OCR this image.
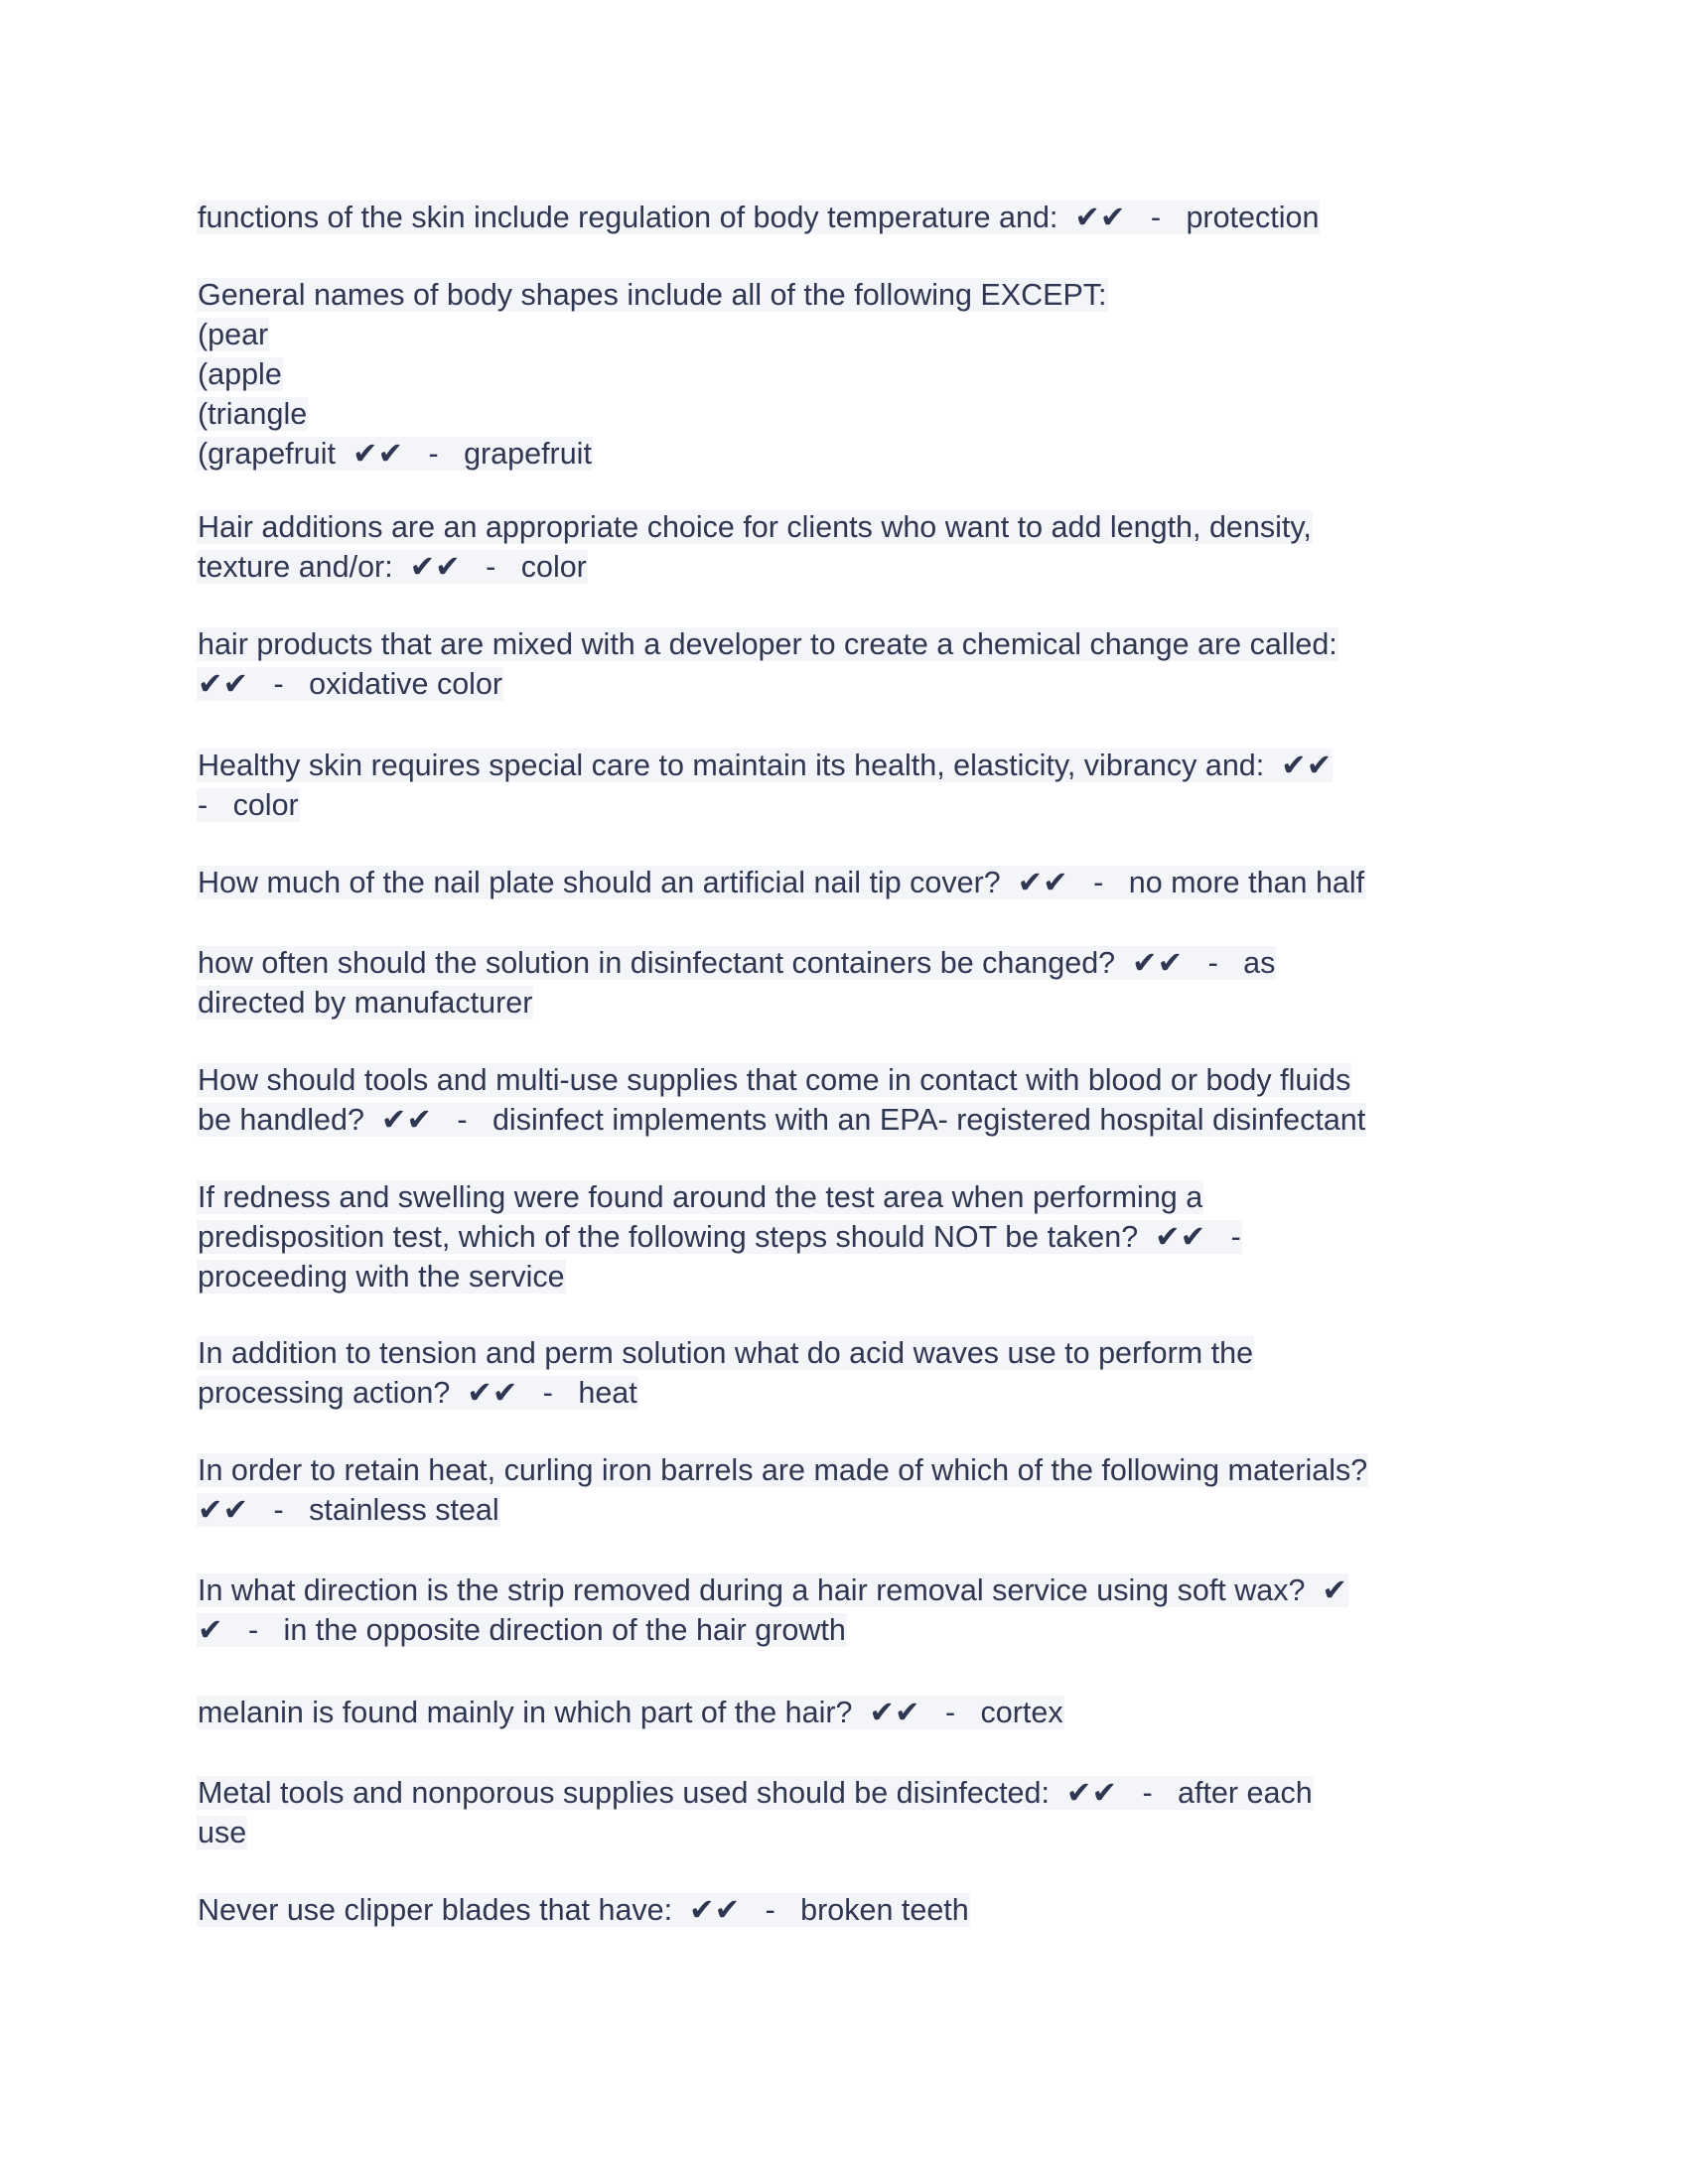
functions of the skin include regulation of body temperature and:  ✔✔   -   protection
General names of body shapes include all of the following EXCEPT:
(pear
(apple
(triangle
(grapefruit  ✔✔   -   grapefruit
Hair additions are an appropriate choice for clients who want to add length, density,
texture and/or:  ✔✔   -   color
hair products that are mixed with a developer to create a chemical change are called:
✔✔   -   oxidative color
Healthy skin requires special care to maintain its health, elasticity, vibrancy and:  ✔✔
-   color
How much of the nail plate should an artificial nail tip cover?  ✔✔   -   no more than half
how often should the solution in disinfectant containers be changed?  ✔✔   -   as
directed by manufacturer
How should tools and multi-use supplies that come in contact with blood or body fluids
be handled?  ✔✔   -   disinfect implements with an EPA- registered hospital disinfectant
If redness and swelling were found around the test area when performing a
predisposition test, which of the following steps should NOT be taken?  ✔✔   -
proceeding with the service
In addition to tension and perm solution what do acid waves use to perform the
processing action?  ✔✔   -   heat
In order to retain heat, curling iron barrels are made of which of the following materials?
✔✔   -   stainless steal
In what direction is the strip removed during a hair removal service using soft wax?  ✔
✔   -   in the opposite direction of the hair growth
melanin is found mainly in which part of the hair?  ✔✔   -   cortex
Metal tools and nonporous supplies used should be disinfected:  ✔✔   -   after each
use
Never use clipper blades that have:  ✔✔   -   broken teeth
